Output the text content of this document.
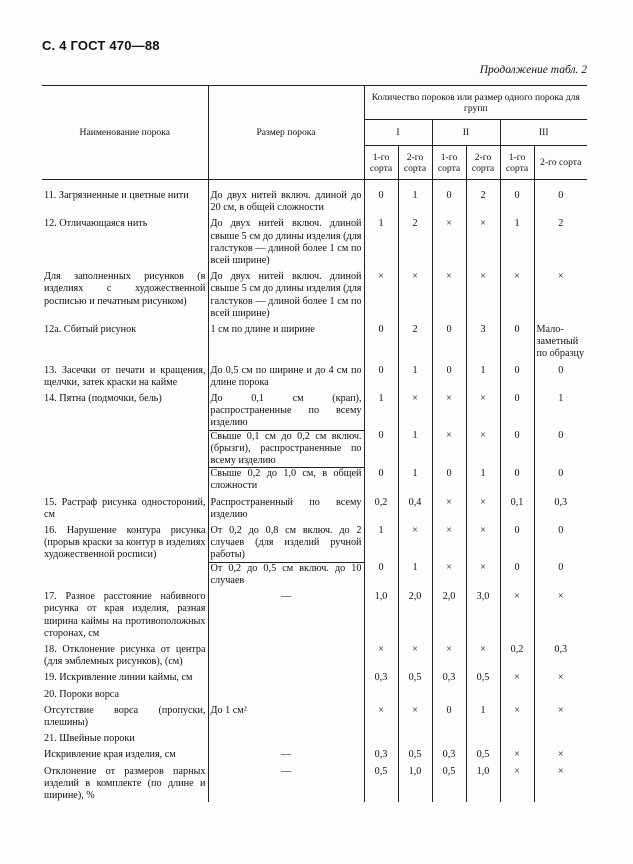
С. 4 ГОСТ 470—88
Продолжение табл. 2
Наименование порока	Размер порока	Количество пороков или размер одного порока для групп					
		I		II		III	
		1-го сорта	2-го сорта	1-го сорта	2-го сорта	1-го сорта	2-го сорта
11. Загрязненные и цветные нити	До двух нитей включ. длиной до 20 см, в общей сложности	0	1	0	2	0	0
12. Отличающаяся нить	До двух нитей включ. длиной свыше 5 см до длины изделия (для галстуков — длиной более 1 см по всей ширине)	1	2	×	×	1	2
Для заполненных рисунков (в изделиях с художественной росписью и печатным рисунком)	До двух нитей включ. длиной свыше 5 см до длины изделия (для галстуков — длиной более 1 см по всей ширине)	×	×	×	×	×	×
12а. Сбитый рисунок	1 см по длине и ширине	0	2	0	3	0	Мало-заметный по образцу
13. Засечки от печати и кращения, щелчки, затек краски на кайме	До 0,5 см по ширине и до 4 см по длине порока	0	1	0	1	0	0
14. Пятна (подмочки, бель)	До 0,1 см (крап), распространенные по всему изделию	1	×	×	×	0	1
	Свыше 0,1 см до 0,2 см включ. (брызги), распространенные по всему изделию	0	1	×	×	0	0
	Свыше 0,2 до 1,0 см, в общей сложности	0	1	0	1	0	0
15. Раcтраф рисунка одностороний, см	Распространенный по всему изделию	0,2	0,4	×	×	0,1	0,3
16. Нарушение контура рисунка (прорыв краски за контур в изделиях художественной росписи)	От 0,2 до 0,8 см включ. до 2 случаев (для изделий ручной работы)	1	×	×	×	0	0
	От 0,2 до 0,5 см включ. до 10 случаев	0	1	×	×	0	0
17. Разное расстояние набивного рисунка от края изделия, разная ширина каймы на противоположных сторонах, см	—	1,0	2,0	2,0	3,0	×	×
18. Отклонение рисунка от центра (для эмблемных рисунков), (см)		×	×	×	×	0,2	0,3
19. Искривление линии каймы, см		0,3	0,5	0,3	0,5	×	×
20. Пороки ворса							
Отсутствие ворса (пропуски, плешины)	До 1 см²	×	×	0	1	×	×
21. Швейные пороки							
Искривление края изделия, см	—	0,3	0,5	0,3	0,5	×	×
Отклонение от размеров парных изделий в комплекте (по длине и ширине), %	—	0,5	1,0	0,5	1,0	×	×
